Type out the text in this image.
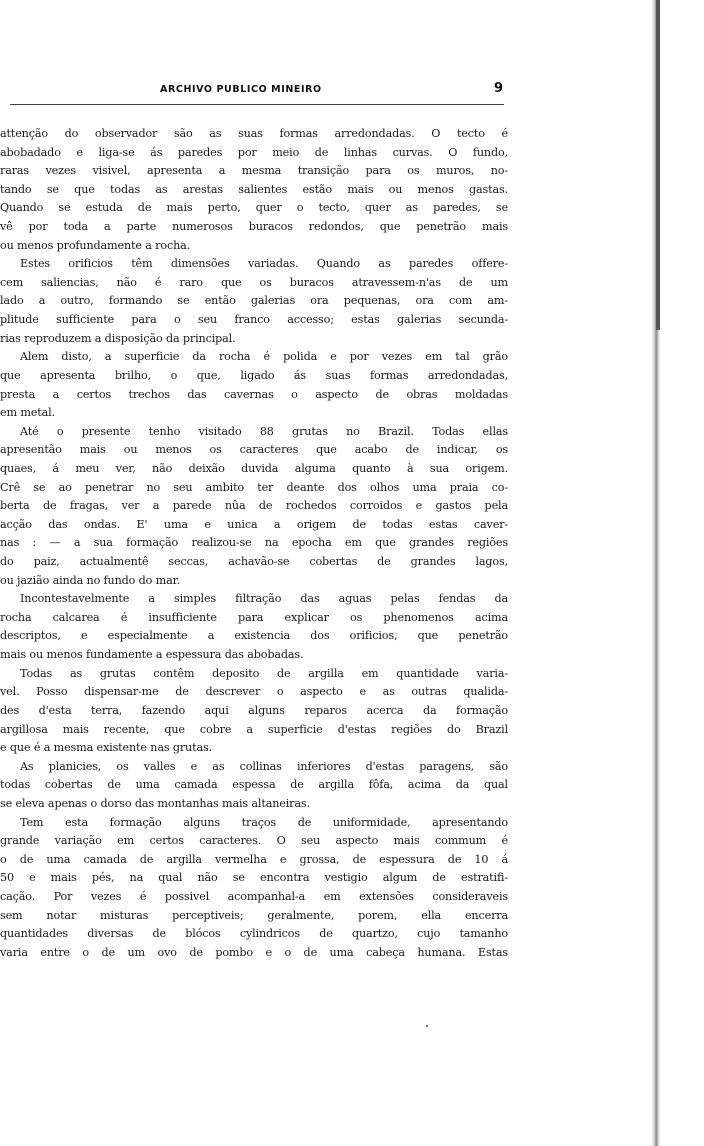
ARCHIVO PUBLICO MINEIRO	9
attenção do observador são as suas formas arredondadas. O tecto é
abobadado e liga-se ás paredes por meio de linhas curvas. O fundo,
raras vezes visivel, apresenta a mesma transição para os muros, no-
tando se que todas as arestas salientes estão mais ou menos gastas.
Quando se estuda de mais perto, quer o tecto, quer as paredes, se
vê por toda a parte numerosos buracos redondos, que penetrão mais
ou menos profundamente a rocha.
Estes orificios têm dimensões variadas. Quando as paredes offere-
cem saliencias, não é raro que os buracos atravessem-n'as de um
lado a outro, formando se então galerias ora pequenas, ora com am-
plitude sufficiente para o seu franco accesso; estas galerias secunda-
rias reproduzem a disposição da principal.
Alem disto, a superficie da rocha é polida e por vezes em tal grão
que apresenta brilho, o que, ligado ás suas formas arredondadas,
presta a certos trechos das cavernas o aspecto de obras moldadas
em metal.
Até o presente tenho visitado 88 grutas no Brazil. Todas ellas
apresentão mais ou menos os caracteres que acabo de indicar, os
quaes, á meu ver, não deixão duvida alguma quanto à sua origem.
Crê se ao penetrar no seu ambito ter deante dos olhos uma praia co-
berta de fragas, ver a parede nûa de rochedos corroidos e gastos pela
acção das ondas. E' uma e unica a origem de todas estas caver-
nas : — a sua formação realizou-se na epocha em que grandes regiões
do paiz, actualmentê seccas, achavão-se cobertas de grandes lagos,
ou jazião ainda no fundo do mar.
Incontestavelmente a simples filtração das aguas pelas fendas da
rocha calcarea é insufficiente para explicar os phenomenos acima
descriptos, e especialmente a existencia dos orificios, que penetrão
mais ou menos fundamente a espessura das abobadas.
Todas as grutas contêm deposito de argilla em quantidade varia-
vel. Posso dispensar-me de descrever o aspecto e as outras qualida-
des d'esta terra, fazendo aqui alguns reparos acerca da formação
argillosa mais recente, que cobre a superficie d'estas regiões do Brazil
e que é a mesma existente nas grutas.
As planicies, os valles e as collinas inferiores d'estas paragens, são
todas cobertas de uma camada espessa de argilla fôfa, acima da qual
se eleva apenas o dorso das montanhas mais altaneiras.
Tem esta formação alguns traços de uniformidade, apresentando
grande variação em certos caracteres. O seu aspecto mais commum é
o de uma camada de argilla vermelha e grossa, de espessura de 10 á
50 e mais pés, na qual não se encontra vestigio algum de estratifi-
cação. Por vezes é possivel acompanhal-a em extensões consideraveis
sem notar misturas perceptiveis; geralmente, porem, ella encerra
quantidades diversas de blócos cylindricos de quartzo, cujo tamanho
varia entre o de um ovo de pombo e o de uma cabeça humana. Estas
